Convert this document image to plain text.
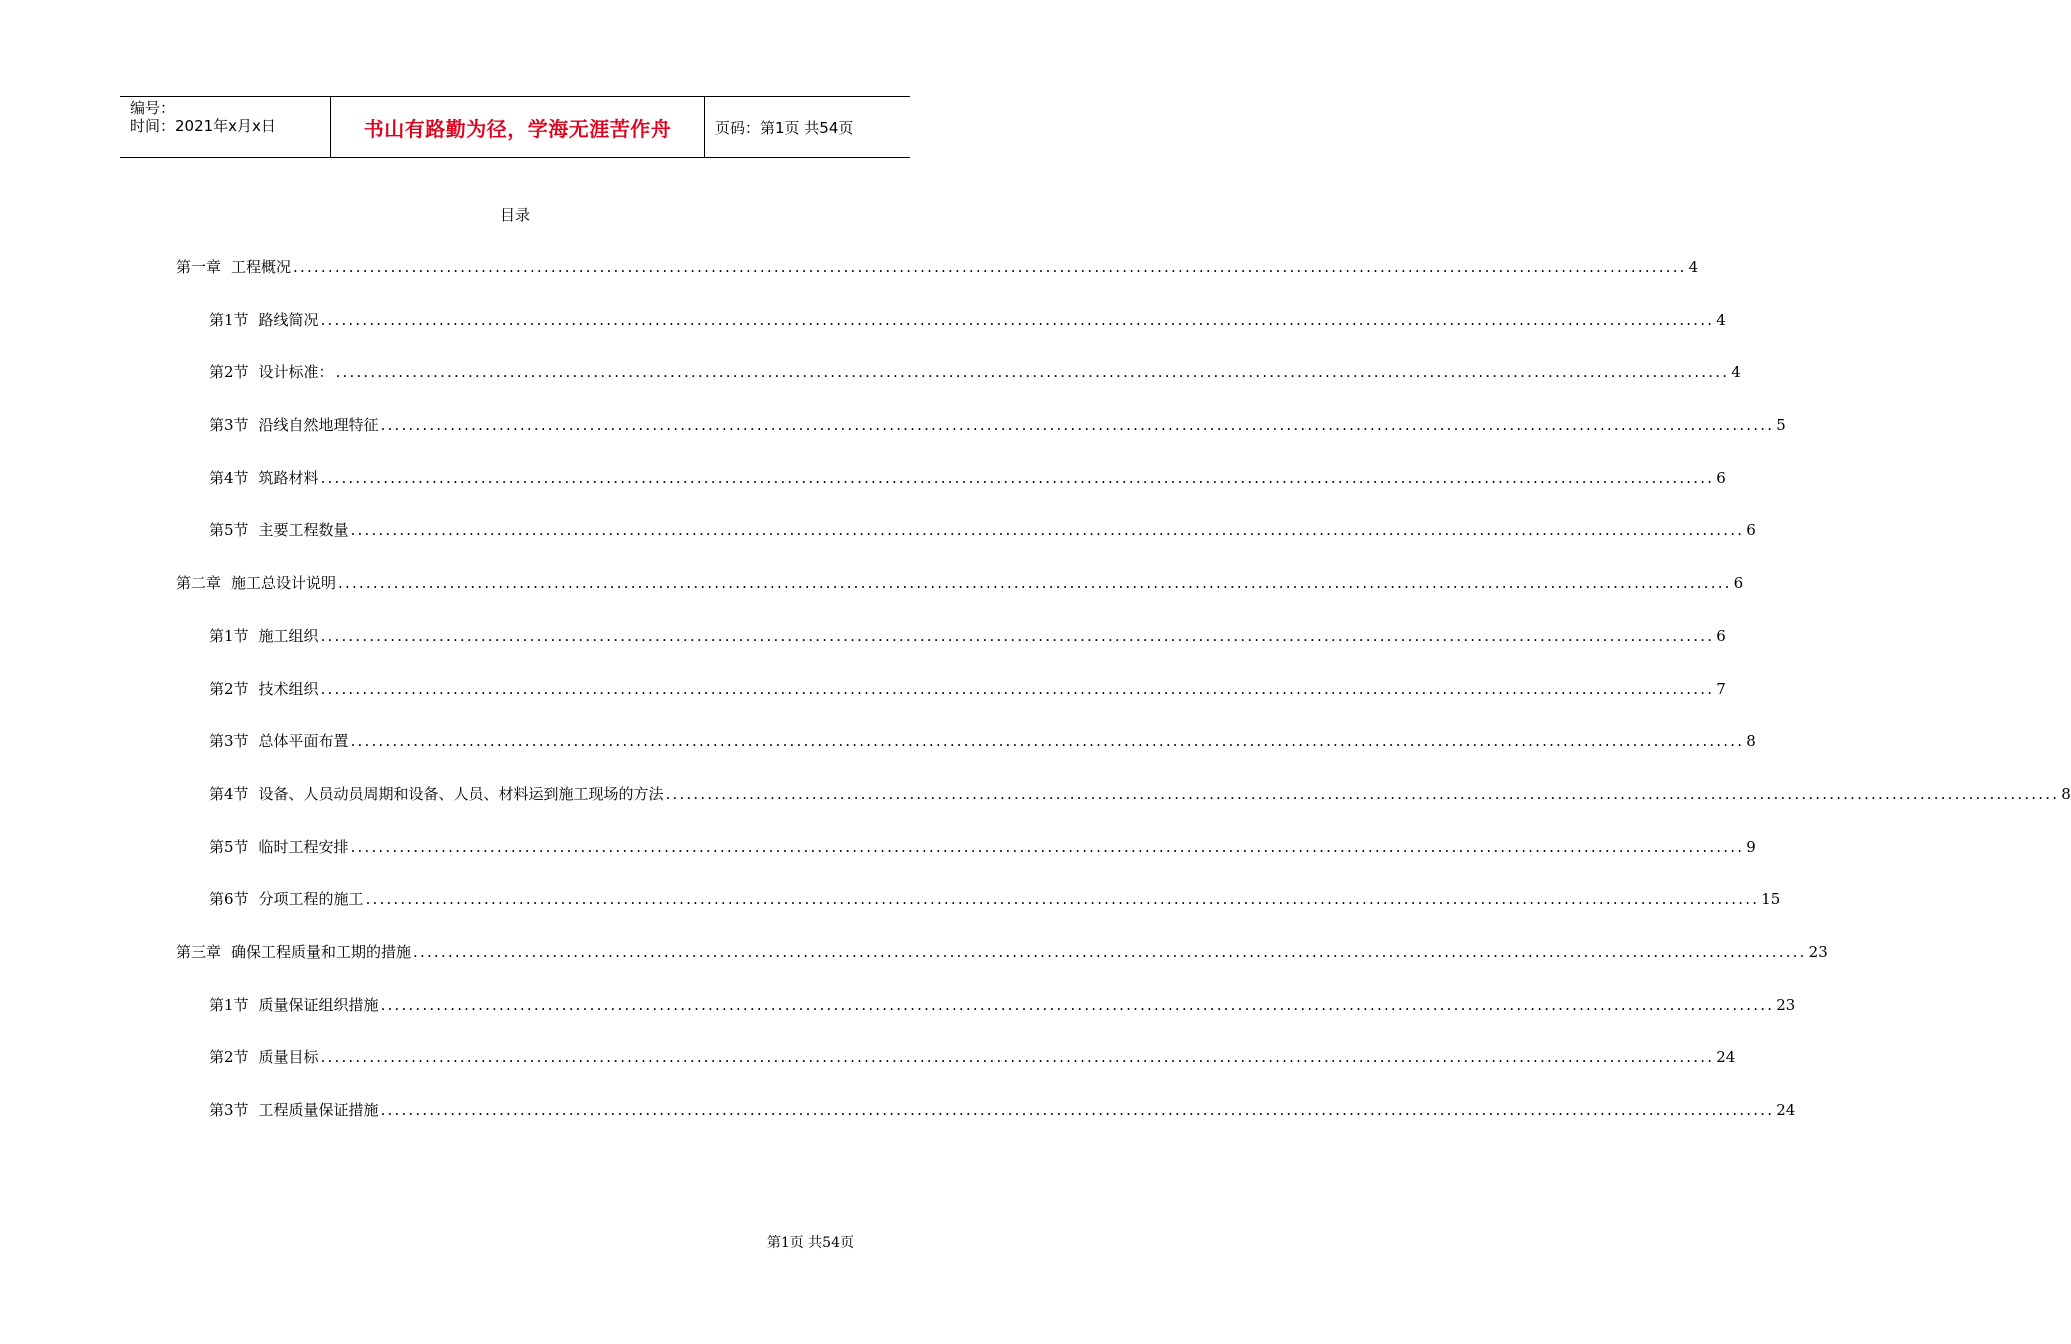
编号：
时间：2021年x月x日	书山有路勤为径，学海无涯苦作舟	页码：第1页 共54页
目录
第一章 工程概况 ........................................................................................................................................................................................................ 4
第1节 路线简况 ........................................................................................................................................................................................................ 4
第2节 设计标准： ........................................................................................................................................................................................................ 4
第3节 沿线自然地理特征 ........................................................................................................................................................................................................ 5
第4节 筑路材料 ........................................................................................................................................................................................................ 6
第5节 主要工程数量 ........................................................................................................................................................................................................ 6
第二章 施工总设计说明 ........................................................................................................................................................................................................ 6
第1节 施工组织 ........................................................................................................................................................................................................ 6
第2节 技术组织 ........................................................................................................................................................................................................ 7
第3节 总体平面布置 ........................................................................................................................................................................................................ 8
第4节 设备、人员动员周期和设备、人员、材料运到施工现场的方法 ........................................................................................................................................................................................................ 8
第5节 临时工程安排 ........................................................................................................................................................................................................ 9
第6节 分项工程的施工 ........................................................................................................................................................................................................ 15
第三章 确保工程质量和工期的措施 ........................................................................................................................................................................................................ 23
第1节 质量保证组织措施 ........................................................................................................................................................................................................ 23
第2节 质量目标 ........................................................................................................................................................................................................ 24
第3节 工程质量保证措施 ........................................................................................................................................................................................................ 24
第1页 共54页
